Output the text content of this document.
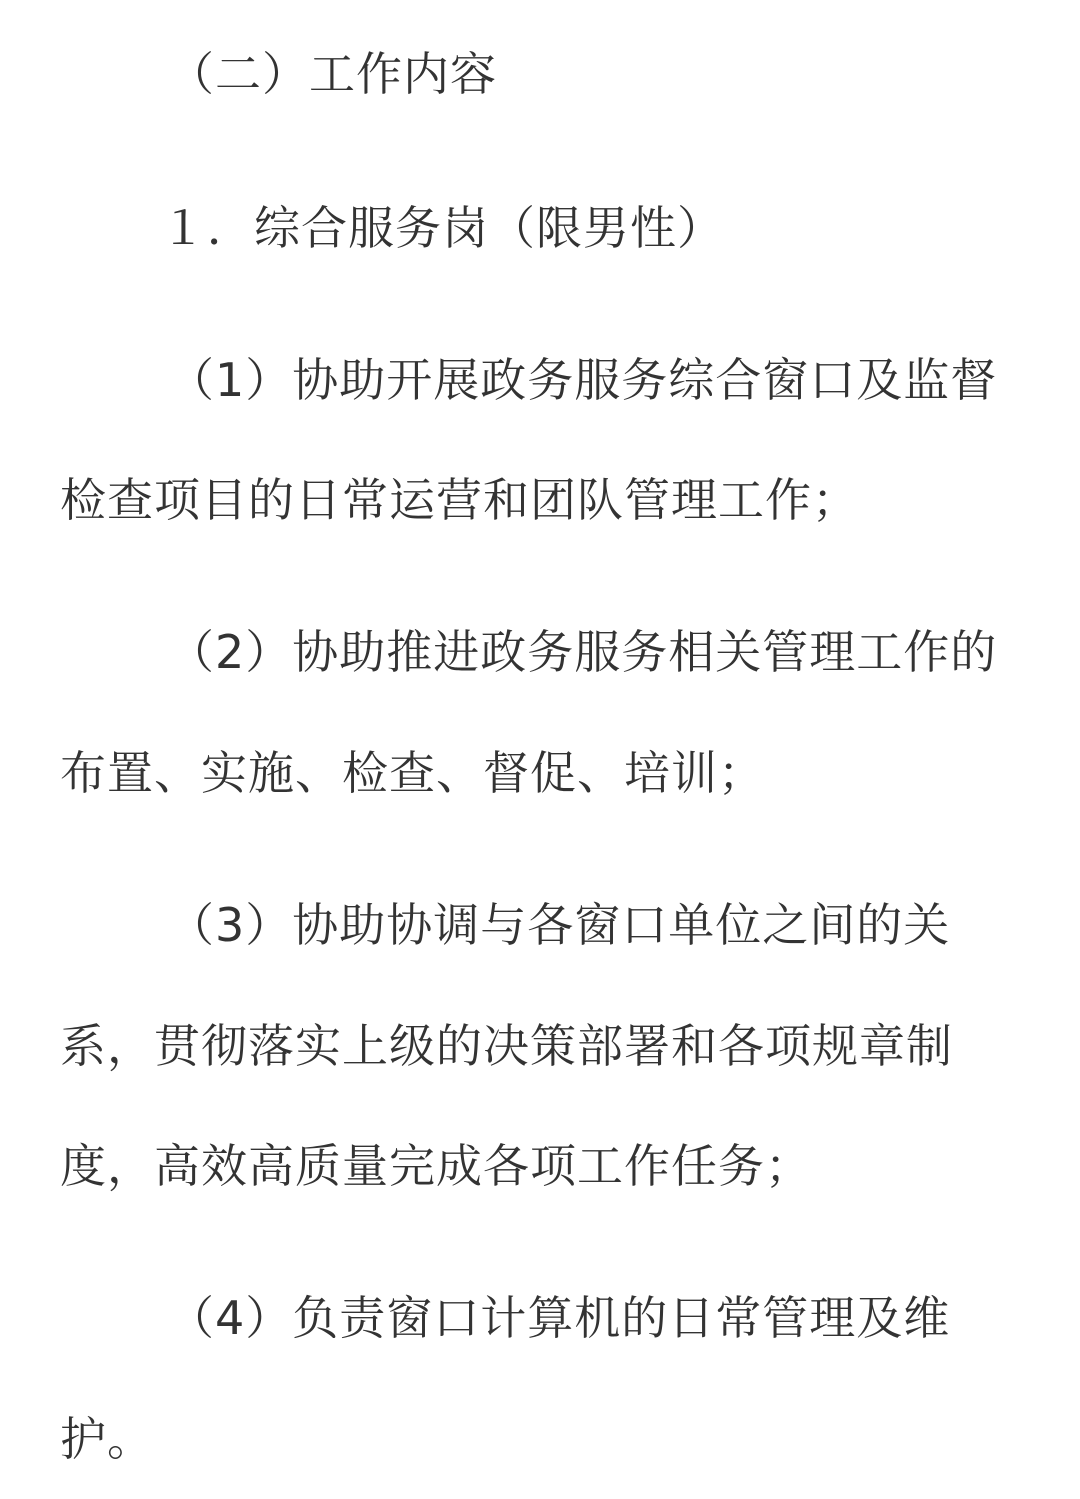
（二）工作内容
１．综合服务岗（限男性）
（1）协助开展政务服务综合窗口及监督
检查项目的日常运营和团队管理工作；
（2）协助推进政务服务相关管理工作的
布置、实施、检查、督促、培训；
（3）协助协调与各窗口单位之间的关
系，贯彻落实上级的决策部署和各项规章制
度，高效高质量完成各项工作任务；
（4）负责窗口计算机的日常管理及维
护。
